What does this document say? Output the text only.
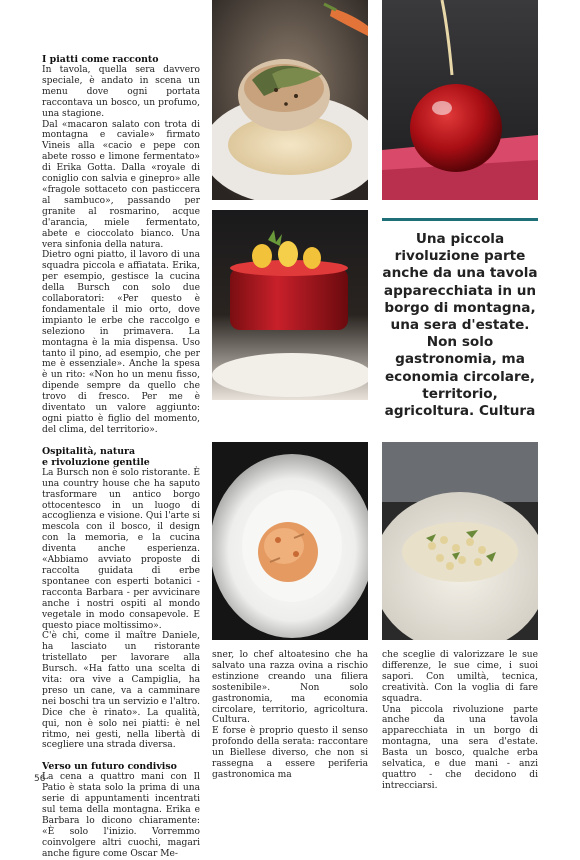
I piatti come racconto

In tavola, quella sera davvero speciale, è andato in scena un menu dove ogni portata raccontava un bosco, un profumo, una stagione.

Dal «macaron salato con trota di montagna e caviale» firmato Vineis alla «cacio e pepe con abete rosso e limone fermentato» di Erika Gotta. Dalla «royale di coniglio con salvia e ginepro» alle «fragole sottaceto con pasticcera al sambuco», passando per granite al rosmarino, acque d'arancia, miele fermentato, abete e cioccolato bianco. Una vera sinfonia della natura.

Dietro ogni piatto, il lavoro di una squadra piccola e affiatata. Erika, per esempio, gestisce la cucina della Bursch con solo due collaboratori: «Per questo è fondamentale il mio orto, dove impianto le erbe che raccolgo e seleziono in primavera. La montagna è la mia dispensa. Uso tanto il pino, ad esempio, che per me è essenziale». Anche la spesa è un rito: «Non ho un menu fisso, dipende sempre da quello che trovo di fresco. Per me è diventato un valore aggiunto: ogni piatto è figlio del momento, del clima, del territorio».

Ospitalità, natura
e rivoluzione gentile

La Bursch non è solo ristorante. È una country house che ha saputo trasformare un antico borgo ottocentesco in un luogo di accoglienza e visione. Qui l'arte si mescola con il bosco, il design con la memoria, e la cucina diventa anche esperienza. «Abbiamo avviato proposte di raccolta guidata di erbe spontanee con esperti botanici - racconta Barbara - per avvicinare anche i nostri ospiti al mondo vegetale in modo consapevole. E questo piace moltissimo».

C'è chi, come il maître Daniele, ha lasciato un ristorante tristellato per lavorare alla Bursch. «Ha fatto una scelta di vita: ora vive a Campiglia, ha preso un cane, va a camminare nei boschi tra un servizio e l'altro. Dice che è rinato». La qualità, qui, non è solo nei piatti: è nel ritmo, nei gesti, nella libertà di scegliere una strada diversa.

Verso un futuro condiviso

La cena a quattro mani con Il Patio è stata solo la prima di una serie di appuntamenti incentrati sul tema della montagna. Erika e Barbara lo dicono chiaramente: «È solo l'inizio. Vorremmo coinvolgere altri cuochi, magari anche figure come Oscar Me-

Una piccola rivoluzione parte anche da una tavola apparecchiata in un borgo di montagna, una sera d'estate. Non solo gastronomia, ma economia circolare, territorio, agricoltura. Cultura

sner, lo chef altoatesino che ha salvato una razza ovina a rischio estinzione creando una filiera sostenibile». Non solo gastronomia, ma economia circolare, territorio, agricoltura. Cultura.

E forse è proprio questo il senso profondo della serata: raccontare un Biellese diverso, che non si rassegna a essere periferia gastronomica ma

che sceglie di valorizzare le sue differenze, le sue cime, i suoi sapori. Con umiltà, tecnica, creatività. Con la voglia di fare squadra.

Una piccola rivoluzione parte anche da una tavola apparecchiata in un borgo di montagna, una sera d'estate. Basta un bosco, qualche erba selvatica, e due mani - anzi quattro - che decidono di intrecciarsi.

56
